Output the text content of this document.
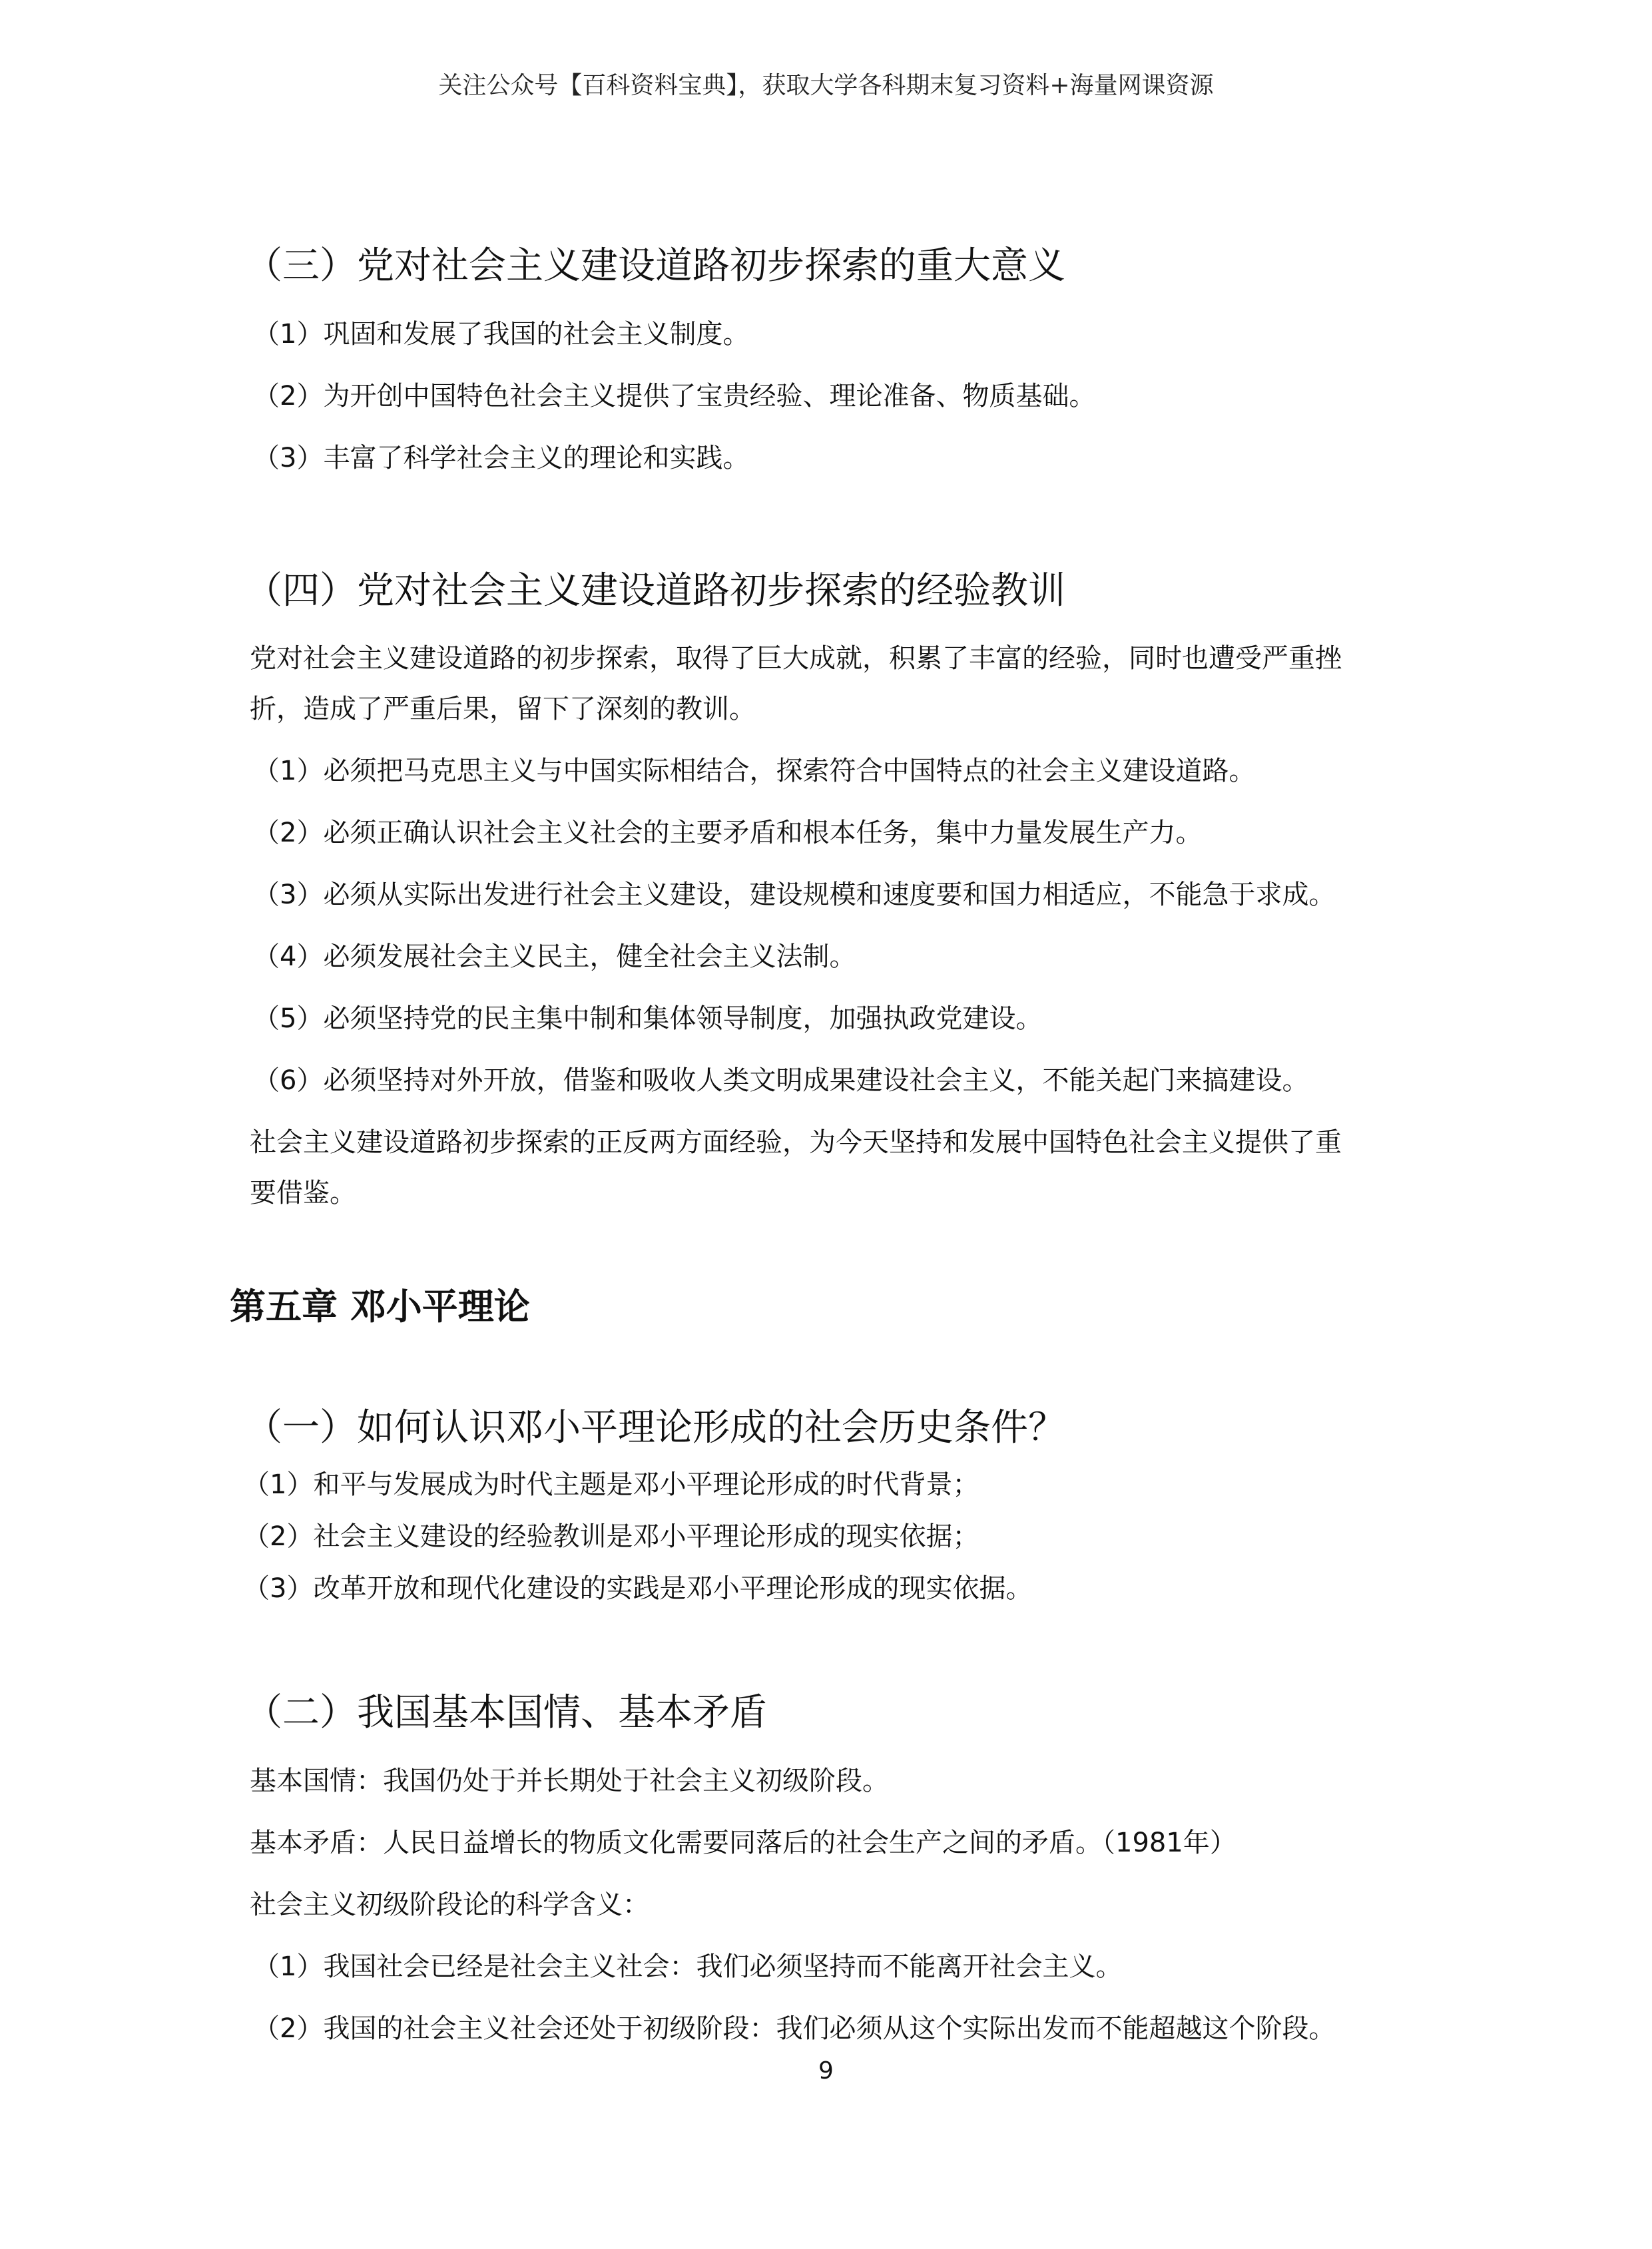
关注公众号【百科资料宝典】，获取大学各科期末复习资料+海量网课资源
（三）党对社会主义建设道路初步探索的重大意义

（1）巩固和发展了我国的社会主义制度。

（2）为开创中国特色社会主义提供了宝贵经验、理论准备、物质基础。

（3）丰富了科学社会主义的理论和实践。

（四）党对社会主义建设道路初步探索的经验教训

党对社会主义建设道路的初步探索，取得了巨大成就，积累了丰富的经验，同时也遭受严重挫

折，造成了严重后果，留下了深刻的教训。

（1）必须把马克思主义与中国实际相结合，探索符合中国特点的社会主义建设道路。

（2）必须正确认识社会主义社会的主要矛盾和根本任务，集中力量发展生产力。

（3）必须从实际出发进行社会主义建设，建设规模和速度要和国力相适应，不能急于求成。

（4）必须发展社会主义民主，健全社会主义法制。

（5）必须坚持党的民主集中制和集体领导制度，加强执政党建设。

（6）必须坚持对外开放，借鉴和吸收人类文明成果建设社会主义，不能关起门来搞建设。

社会主义建设道路初步探索的正反两方面经验，为今天坚持和发展中国特色社会主义提供了重

要借鉴。

第五章 邓小平理论
（一）如何认识邓小平理论形成的社会历史条件？

（1）和平与发展成为时代主题是邓小平理论形成的时代背景；

（2）社会主义建设的经验教训是邓小平理论形成的现实依据；

（3）改革开放和现代化建设的实践是邓小平理论形成的现实依据。

（二）我国基本国情、基本矛盾

基本国情：我国仍处于并长期处于社会主义初级阶段。

基本矛盾：人民日益增长的物质文化需要同落后的社会生产之间的矛盾。（1981年）

社会主义初级阶段论的科学含义：

（1）我国社会已经是社会主义社会：我们必须坚持而不能离开社会主义。

（2）我国的社会主义社会还处于初级阶段：我们必须从这个实际出发而不能超越这个阶段。

9
